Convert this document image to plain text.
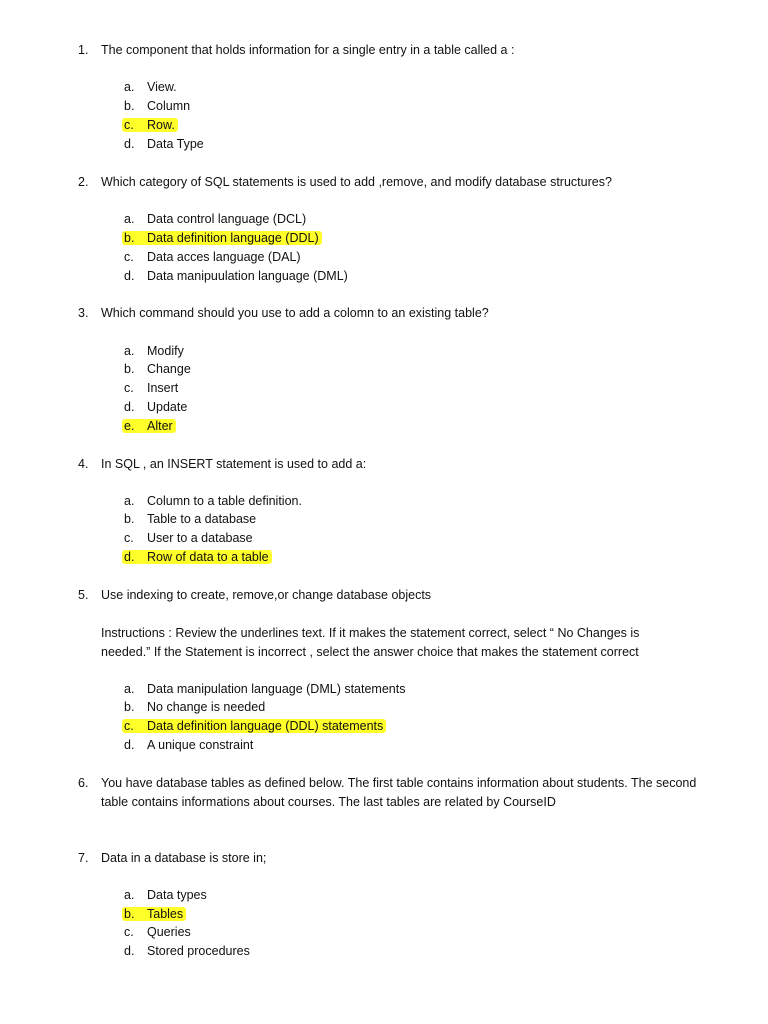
1.	The component that holds information for a single entry in a table called a :
a. View.
b. Column
c. Row.
d. Data Type
2.	Which category of SQL statements is used to add ,remove, and modify database structures?
a. Data control language (DCL)
b. Data definition language (DDL)
c. Data acces language (DAL)
d. Data manipuulation language (DML)
3.	Which command should you use to add a colomn to an existing table?
a. Modify
b. Change
c. Insert
d. Update
e. Alter
4.	In SQL , an INSERT statement is used to add a:
a. Column to a table definition.
b. Table to a database
c. User to a database
d. Row of data to a table
5.	Use indexing to create, remove,or change database objects
Instructions : Review the underlines text. If it makes the statement correct, select “ No Changes is needed.” If the Statement is incorrect , select the answer choice that makes the statement correct
a. Data manipulation language (DML) statements
b. No change is needed
c. Data definition language (DDL) statements
d. A unique constraint
6.	You have database tables as defined below. The first table contains information about students. The second table contains informations about courses. The last tables are related by CourseID
7.	Data in a database is store in;
a. Data types
b. Tables
c. Queries
d. Stored procedures
